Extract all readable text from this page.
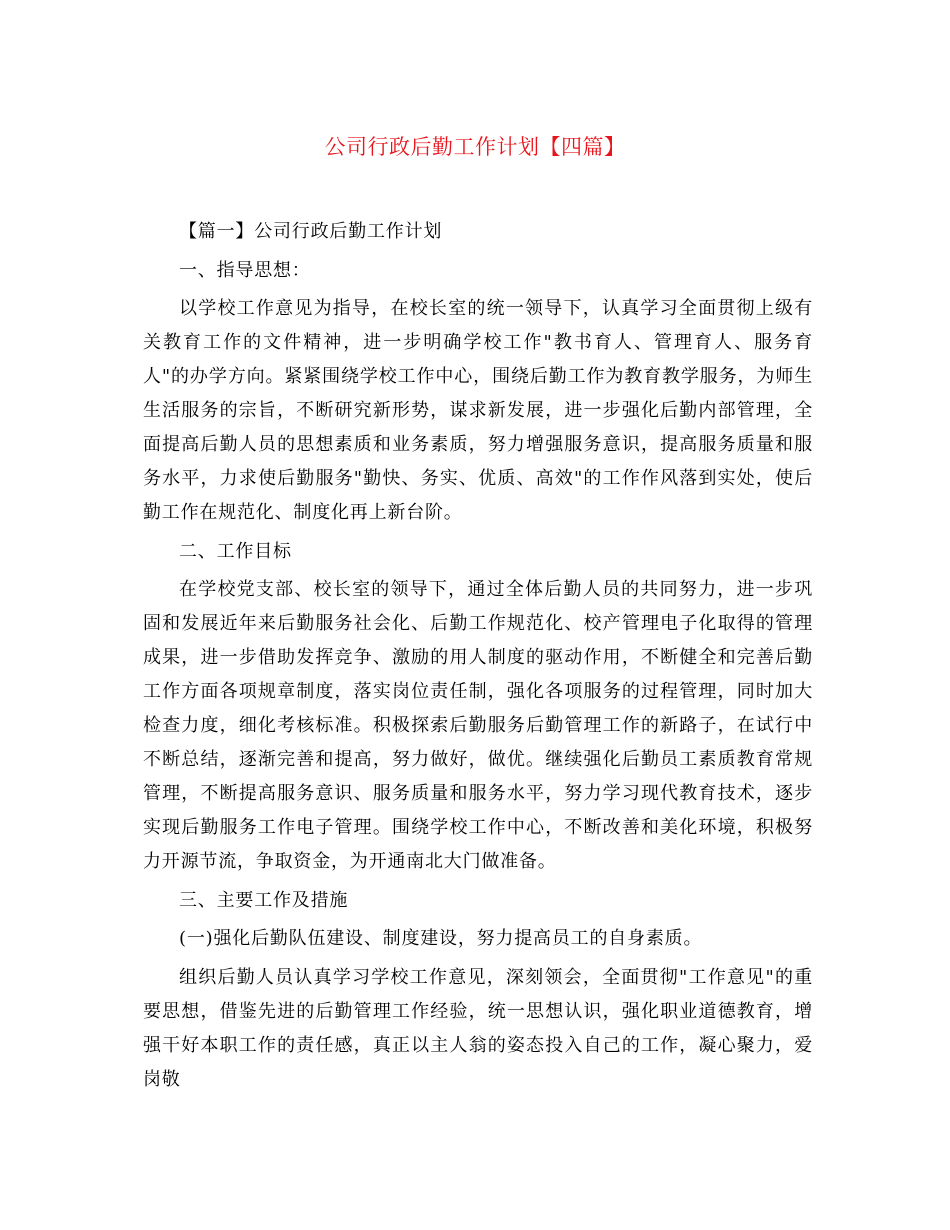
公司行政后勤工作计划【四篇】

【篇一】公司行政后勤工作计划

一、指导思想：

以学校工作意见为指导，在校长室的统一领导下，认真学习全面贯彻上级有关教育工作的文件精神，进一步明确学校工作"教书育人、管理育人、服务育人"的办学方向。紧紧围绕学校工作中心，围绕后勤工作为教育教学服务，为师生生活服务的宗旨，不断研究新形势，谋求新发展，进一步强化后勤内部管理，全面提高后勤人员的思想素质和业务素质，努力增强服务意识，提高服务质量和服务水平，力求使后勤服务"勤快、务实、优质、高效"的工作作风落到实处，使后勤工作在规范化、制度化再上新台阶。

二、工作目标

在学校党支部、校长室的领导下，通过全体后勤人员的共同努力，进一步巩固和发展近年来后勤服务社会化、后勤工作规范化、校产管理电子化取得的管理成果，进一步借助发挥竞争、激励的用人制度的驱动作用，不断健全和完善后勤工作方面各项规章制度，落实岗位责任制，强化各项服务的过程管理，同时加大检查力度，细化考核标准。积极探索后勤服务后勤管理工作的新路子，在试行中不断总结，逐渐完善和提高，努力做好，做优。继续强化后勤员工素质教育常规管理，不断提高服务意识、服务质量和服务水平，努力学习现代教育技术，逐步实现后勤服务工作电子管理。围绕学校工作中心，不断改善和美化环境，积极努力开源节流，争取资金，为开通南北大门做准备。

三、主要工作及措施

(一)强化后勤队伍建设、制度建设，努力提高员工的自身素质。

组织后勤人员认真学习学校工作意见，深刻领会，全面贯彻"工作意见"的重要思想，借鉴先进的后勤管理工作经验，统一思想认识，强化职业道德教育，增强干好本职工作的责任感，真正以主人翁的姿态投入自己的工作，凝心聚力，爱岗敬
